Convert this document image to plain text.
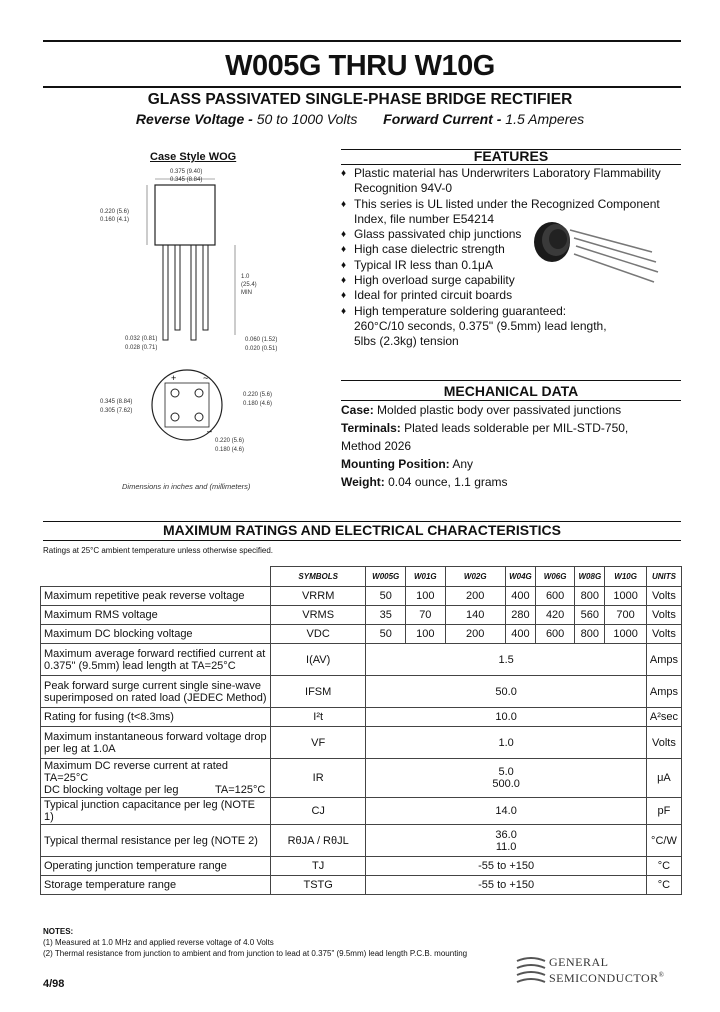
W005G THRU W10G
GLASS PASSIVATED SINGLE-PHASE BRIDGE RECTIFIER
Reverse Voltage - 50 to 1000 Volts Forward Current - 1.5 Amperes
Case Style WOG
0.375 (9.40)
0.345 (8.84)
0.220 (5.6)
0.160 (4.1)
1.0
(25.4)
MIN
0.032 (0.81)
0.028 (0.71)
0.060 (1.52)
0.020 (0.51)
+	~
–
0.345 (8.84)
0.305 (7.62)
0.220 (5.6)
0.180 (4.6)
0.220 (5.6)
0.180 (4.6)
Dimensions in inches and (millimeters)
FEATURES
♦ Plastic material has Underwriters Laboratory Flammability
Recognition 94V-0
♦ This series is UL listed under the Recognized Component
Index, file number E54214
♦ Glass passivated chip junctions
♦ High case dielectric strength
♦ Typical IR less than 0.1μA
♦ High overload surge capability
♦ Ideal for printed circuit boards
♦ High temperature soldering guaranteed:
260°C/10 seconds, 0.375" (9.5mm) lead length,
5lbs (2.3kg) tension
MECHANICAL DATA
Case: Molded plastic body over passivated junctions
Terminals: Plated leads solderable per MIL-STD-750,
Method 2026
Mounting Position: Any
Weight: 0.04 ounce, 1.1 grams
MAXIMUM RATINGS AND ELECTRICAL CHARACTERISTICS
Ratings at 25°C ambient temperature unless otherwise specified.
	SYMBOLS	W005G	W01G	W02G	W04G	W06G	W08G	W10G	UNITS
Maximum repetitive peak reverse voltage	VRRM	50	100	200	400	600	800	1000	Volts
Maximum RMS voltage	VRMS	35	70	140	280	420	560	700	Volts
Maximum DC blocking voltage	VDC	50	100	200	400	600	800	1000	Volts
Maximum average forward rectified current at
0.375" (9.5mm) lead length at TA=25°C	I(AV)	1.5							Amps
Peak forward surge current single sine-wave
superimposed on rated load (JEDEC Method)	IFSM	50.0							Amps
Rating for fusing (t<8.3ms)	I²t	10.0							A²sec
Maximum instantaneous forward voltage drop
per leg at 1.0A	VF	1.0							Volts
Maximum DC reverse current at rated TA=25°C
DC blocking voltage per leg            TA=125°C	IR	5.0
500.0							μA
Typical junction capacitance per leg (NOTE 1)	CJ	14.0							pF
Typical thermal resistance per leg (NOTE 2)	RθJA / RθJL	36.0
11.0							°C/W
Operating junction temperature range	TJ	-55 to +150							°C
Storage temperature range	TSTG	-55 to +150							°C
NOTES:
(1) Measured at 1.0 MHz and applied reverse voltage of 4.0 Volts
(2) Thermal resistance from junction to ambient and from junction to lead at 0.375" (9.5mm) lead length P.C.B. mounting
4/98
GENERAL
SEMICONDUCTOR®
